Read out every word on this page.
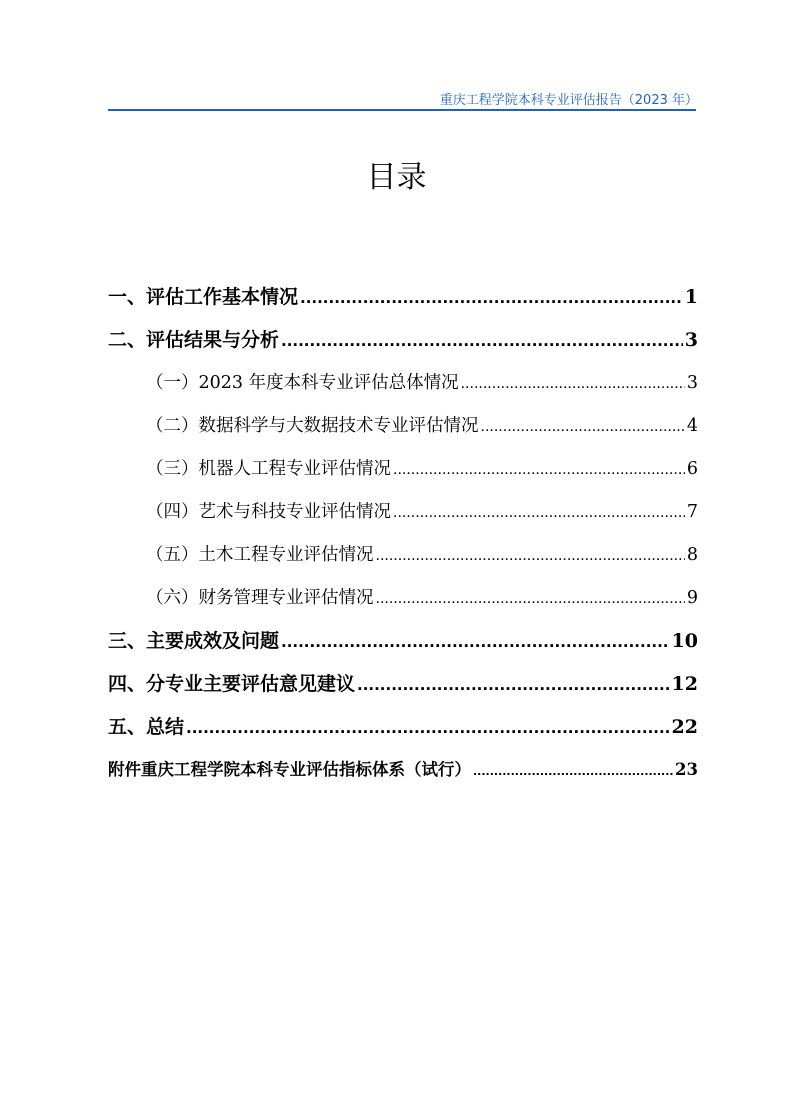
重庆工程学院本科专业评估报告（2023 年）
目录
一、评估工作基本情况 .....	1
二、评估结果与分析 .....	3
（一）2023 年度本科专业评估总体情况 .....	3
（二）数据科学与大数据技术专业评估情况 .....	4
（三）机器人工程专业评估情况 .....	6
（四）艺术与科技专业评估情况 .....	7
（五）土木工程专业评估情况 .....	8
（六）财务管理专业评估情况 .....	9
三、主要成效及问题 .....	10
四、分专业主要评估意见建议 .....	12
五、总结 .....	22
附件重庆工程学院本科专业评估指标体系（试行） .....	23
